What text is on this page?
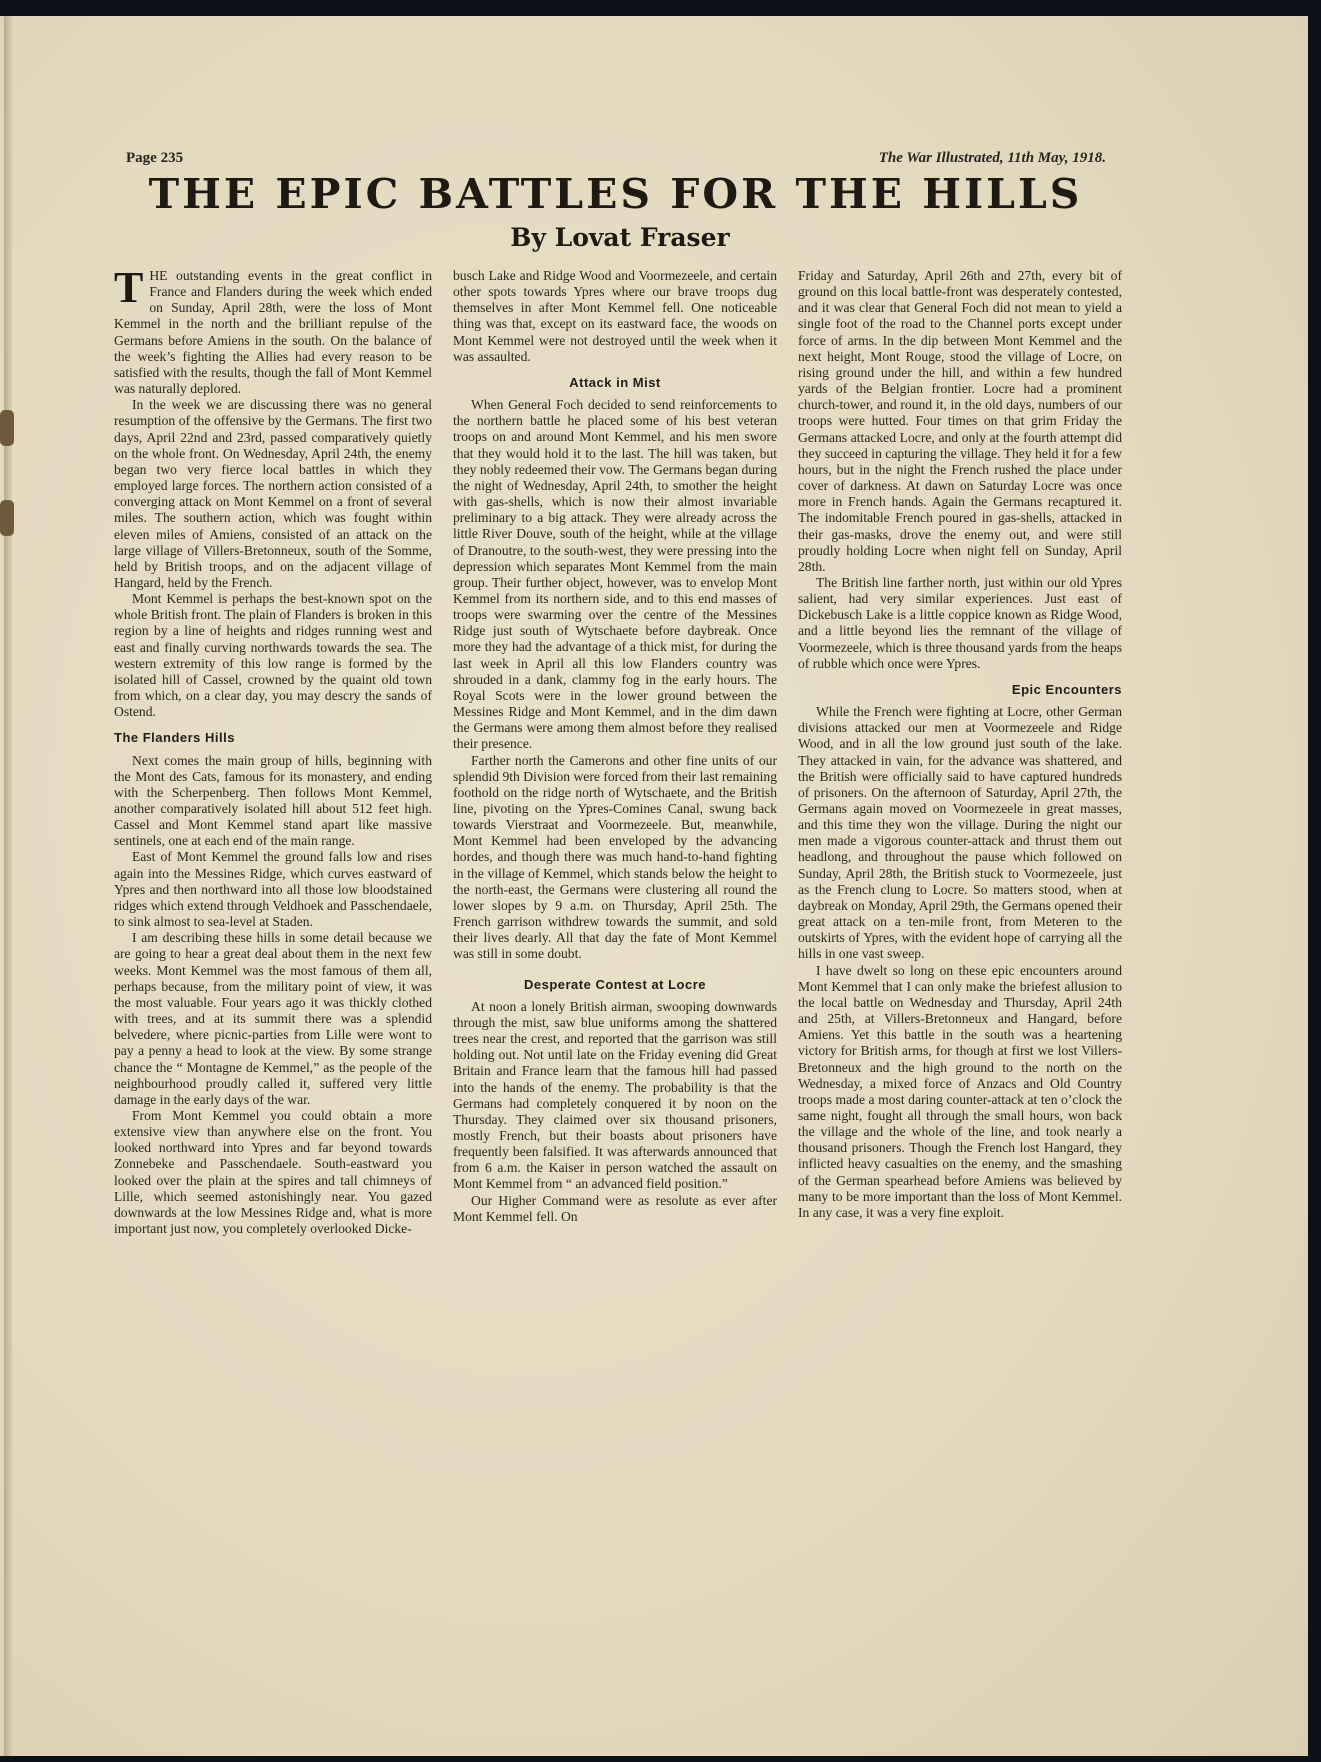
Page 235	The War Illustrated, 11th May, 1918.
THE EPIC BATTLES FOR THE HILLS
By Lovat Fraser

THE outstanding events in the great conflict in France and Flanders during the week which ended on Sunday, April 28th, were the loss of Mont Kemmel in the north and the brilliant repulse of the Germans before Amiens in the south. On the balance of the week’s fighting the Allies had every reason to be satisfied with the results, though the fall of Mont Kemmel was naturally deplored.

In the week we are discussing there was no general resumption of the offensive by the Germans. The first two days, April 22nd and 23rd, passed comparatively quietly on the whole front. On Wednesday, April 24th, the enemy began two very fierce local battles in which they employed large forces. The northern action consisted of a converging attack on Mont Kemmel on a front of several miles. The southern action, which was fought within eleven miles of Amiens, consisted of an attack on the large village of Villers-Bretonneux, south of the Somme, held by British troops, and on the adjacent village of Hangard, held by the French.

Mont Kemmel is perhaps the best-known spot on the whole British front. The plain of Flanders is broken in this region by a line of heights and ridges running west and east and finally curving northwards towards the sea. The western extremity of this low range is formed by the isolated hill of Cassel, crowned by the quaint old town from which, on a clear day, you may descry the sands of Ostend.

The Flanders Hills

Next comes the main group of hills, beginning with the Mont des Cats, famous for its monastery, and ending with the Scherpenberg. Then follows Mont Kemmel, another comparatively isolated hill about 512 feet high. Cassel and Mont Kemmel stand apart like massive sentinels, one at each end of the main range.

East of Mont Kemmel the ground falls low and rises again into the Messines Ridge, which curves eastward of Ypres and then northward into all those low bloodstained ridges which extend through Veldhoek and Passchendaele, to sink almost to sea-level at Staden.

I am describing these hills in some detail because we are going to hear a great deal about them in the next few weeks. Mont Kemmel was the most famous of them all, perhaps because, from the military point of view, it was the most valuable. Four years ago it was thickly clothed with trees, and at its summit there was a splendid belvedere, where picnic-parties from Lille were wont to pay a penny a head to look at the view. By some strange chance the “ Montagne de Kemmel,” as the people of the neighbourhood proudly called it, suffered very little damage in the early days of the war.

From Mont Kemmel you could obtain a more extensive view than anywhere else on the front. You looked northward into Ypres and far beyond towards Zonnebeke and Passchendaele. South-eastward you looked over the plain at the spires and tall chimneys of Lille, which seemed astonishingly near. You gazed downwards at the low Messines Ridge and, what is more important just now, you completely overlooked Dicke-

busch Lake and Ridge Wood and Voormezeele, and certain other spots towards Ypres where our brave troops dug themselves in after Mont Kemmel fell. One noticeable thing was that, except on its eastward face, the woods on Mont Kemmel were not destroyed until the week when it was assaulted.

Attack in Mist

When General Foch decided to send reinforcements to the northern battle he placed some of his best veteran troops on and around Mont Kemmel, and his men swore that they would hold it to the last. The hill was taken, but they nobly redeemed their vow. The Germans began during the night of Wednesday, April 24th, to smother the height with gas-shells, which is now their almost invariable preliminary to a big attack. They were already across the little River Douve, south of the height, while at the village of Dranoutre, to the south-west, they were pressing into the depression which separates Mont Kemmel from the main group. Their further object, however, was to envelop Mont Kemmel from its northern side, and to this end masses of troops were swarming over the centre of the Messines Ridge just south of Wytschaete before daybreak. Once more they had the advantage of a thick mist, for during the last week in April all this low Flanders country was shrouded in a dank, clammy fog in the early hours. The Royal Scots were in the lower ground between the Messines Ridge and Mont Kemmel, and in the dim dawn the Germans were among them almost before they realised their presence.

Farther north the Camerons and other fine units of our splendid 9th Division were forced from their last remaining foothold on the ridge north of Wytschaete, and the British line, pivoting on the Ypres-Comines Canal, swung back towards Vierstraat and Voormezeele. But, meanwhile, Mont Kemmel had been enveloped by the advancing hordes, and though there was much hand-to-hand fighting in the village of Kemmel, which stands below the height to the north-east, the Germans were clustering all round the lower slopes by 9 a.m. on Thursday, April 25th. The French garrison withdrew towards the summit, and sold their lives dearly. All that day the fate of Mont Kemmel was still in some doubt.

Desperate Contest at Locre

At noon a lonely British airman, swooping downwards through the mist, saw blue uniforms among the shattered trees near the crest, and reported that the garrison was still holding out. Not until late on the Friday evening did Great Britain and France learn that the famous hill had passed into the hands of the enemy. The probability is that the Germans had completely conquered it by noon on the Thursday. They claimed over six thousand prisoners, mostly French, but their boasts about prisoners have frequently been falsified. It was afterwards announced that from 6 a.m. the Kaiser in person watched the assault on Mont Kemmel from “ an advanced field position.”

Our Higher Command were as resolute as ever after Mont Kemmel fell. On

Friday and Saturday, April 26th and 27th, every bit of ground on this local battle-front was desperately contested, and it was clear that General Foch did not mean to yield a single foot of the road to the Channel ports except under force of arms. In the dip between Mont Kemmel and the next height, Mont Rouge, stood the village of Locre, on rising ground under the hill, and within a few hundred yards of the Belgian frontier. Locre had a prominent church-tower, and round it, in the old days, numbers of our troops were hutted. Four times on that grim Friday the Germans attacked Locre, and only at the fourth attempt did they succeed in capturing the village. They held it for a few hours, but in the night the French rushed the place under cover of darkness. At dawn on Saturday Locre was once more in French hands. Again the Germans recaptured it. The indomitable French poured in gas-shells, attacked in their gas-masks, drove the enemy out, and were still proudly holding Locre when night fell on Sunday, April 28th.

The British line farther north, just within our old Ypres salient, had very similar experiences. Just east of Dickebusch Lake is a little coppice known as Ridge Wood, and a little beyond lies the remnant of the village of Voormezeele, which is three thousand yards from the heaps of rubble which once were Ypres.

Epic Encounters

While the French were fighting at Locre, other German divisions attacked our men at Voormezeele and Ridge Wood, and in all the low ground just south of the lake. They attacked in vain, for the advance was shattered, and the British were officially said to have captured hundreds of prisoners. On the afternoon of Saturday, April 27th, the Germans again moved on Voormezeele in great masses, and this time they won the village. During the night our men made a vigorous counter-attack and thrust them out headlong, and throughout the pause which followed on Sunday, April 28th, the British stuck to Voormezeele, just as the French clung to Locre. So matters stood, when at daybreak on Monday, April 29th, the Germans opened their great attack on a ten-mile front, from Meteren to the outskirts of Ypres, with the evident hope of carrying all the hills in one vast sweep.

I have dwelt so long on these epic encounters around Mont Kemmel that I can only make the briefest allusion to the local battle on Wednesday and Thursday, April 24th and 25th, at Villers-Bretonneux and Hangard, before Amiens. Yet this battle in the south was a heartening victory for British arms, for though at first we lost Villers-Bretonneux and the high ground to the north on the Wednesday, a mixed force of Anzacs and Old Country troops made a most daring counter-attack at ten o’clock the same night, fought all through the small hours, won back the village and the whole of the line, and took nearly a thousand prisoners. Though the French lost Hangard, they inflicted heavy casualties on the enemy, and the smashing of the German spearhead before Amiens was believed by many to be more important than the loss of Mont Kemmel. In any case, it was a very fine exploit.
